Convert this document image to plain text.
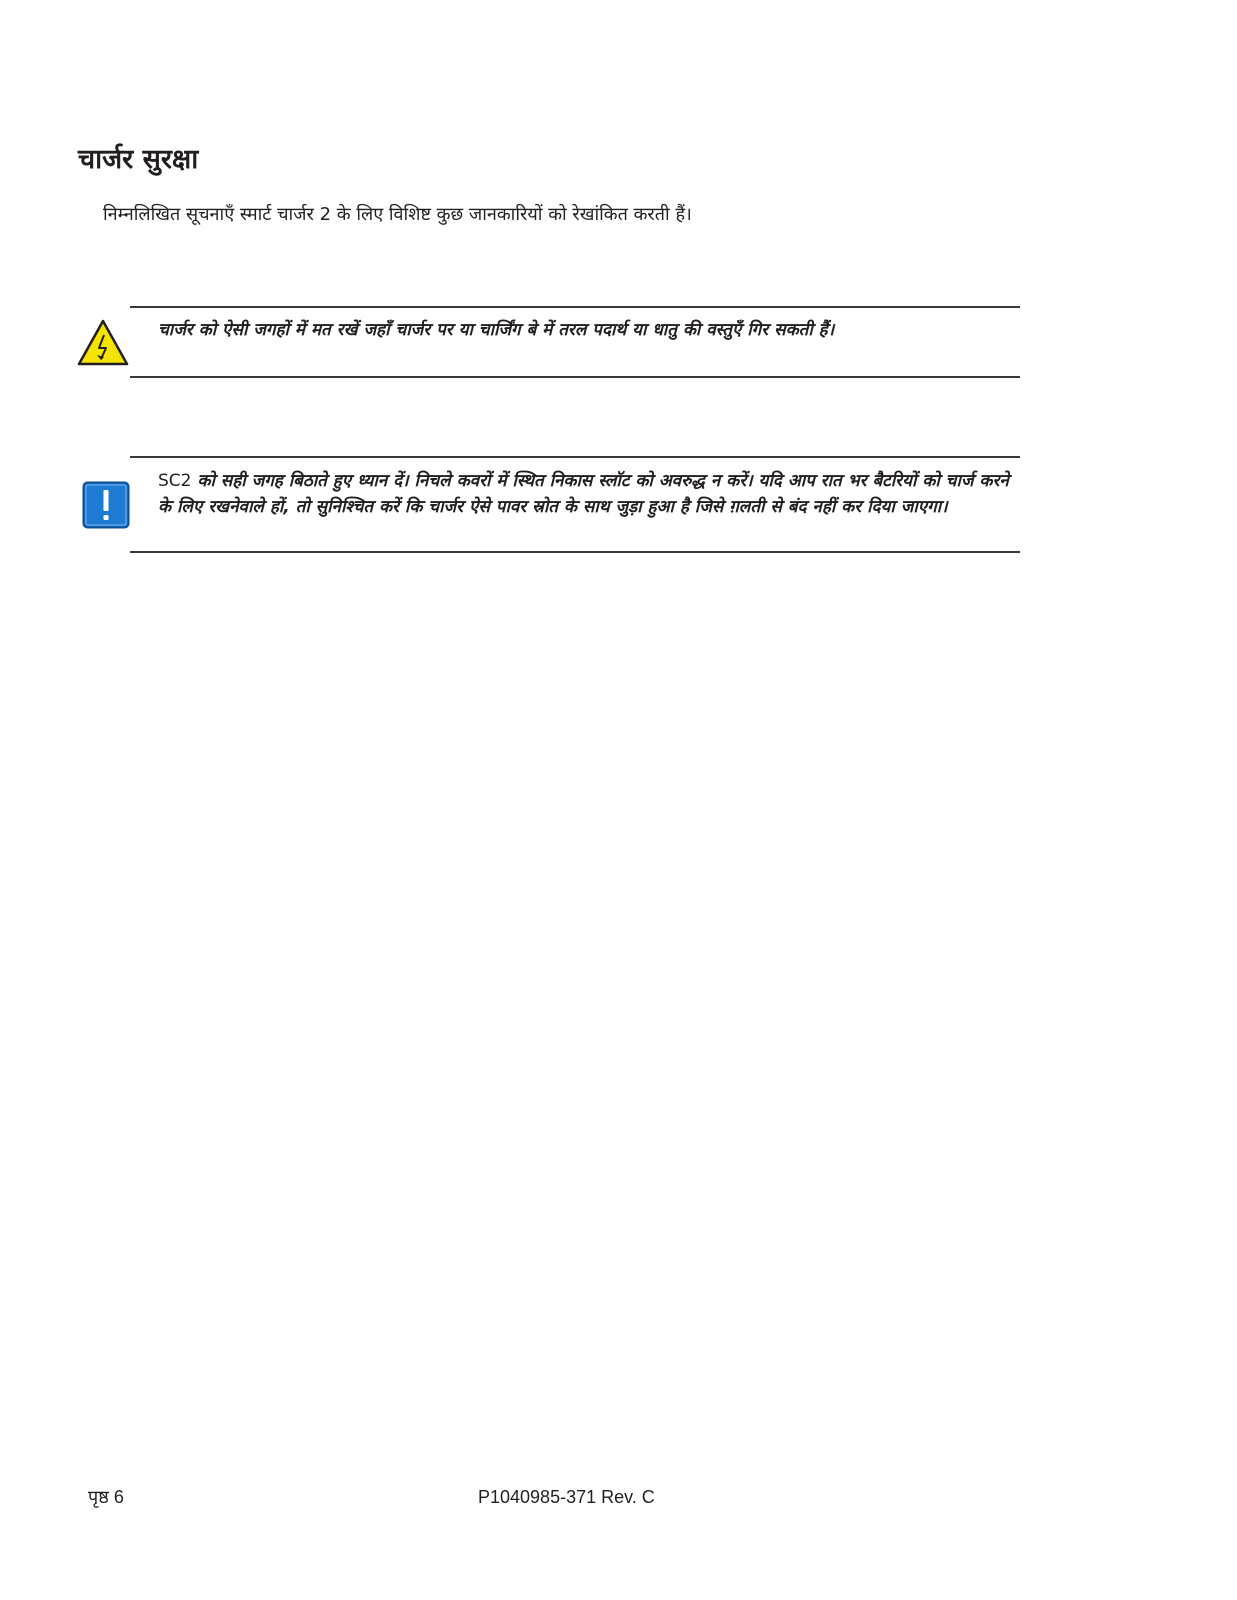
चार्जर सुरक्षा

निम्नलिखित सूचनाएँ स्मार्ट चार्जर 2 के लिए विशिष्ट कुछ जानकारियों को रेखांकित करती हैं।

चार्जर को ऐसी जगहों में मत रखें जहाँ चार्जर पर या चार्जिंग बे में तरल पदार्थ या धातु की वस्तुएँ गिर सकती हैं।

SC2 को सही जगह बिठाते हुए ध्यान दें। निचले कवरों में स्थित निकास स्लॉट को अवरुद्ध न करें। यदि आप रात भर बैटरियों को चार्ज करने के लिए रखनेवाले हों, तो सुनिश्चित करें कि चार्जर ऐसे पावर स्रोत के साथ जुड़ा हुआ है जिसे ग़लती से बंद नहीं कर दिया जाएगा।

पृष्ठ 6	P1040985-371 Rev. C
